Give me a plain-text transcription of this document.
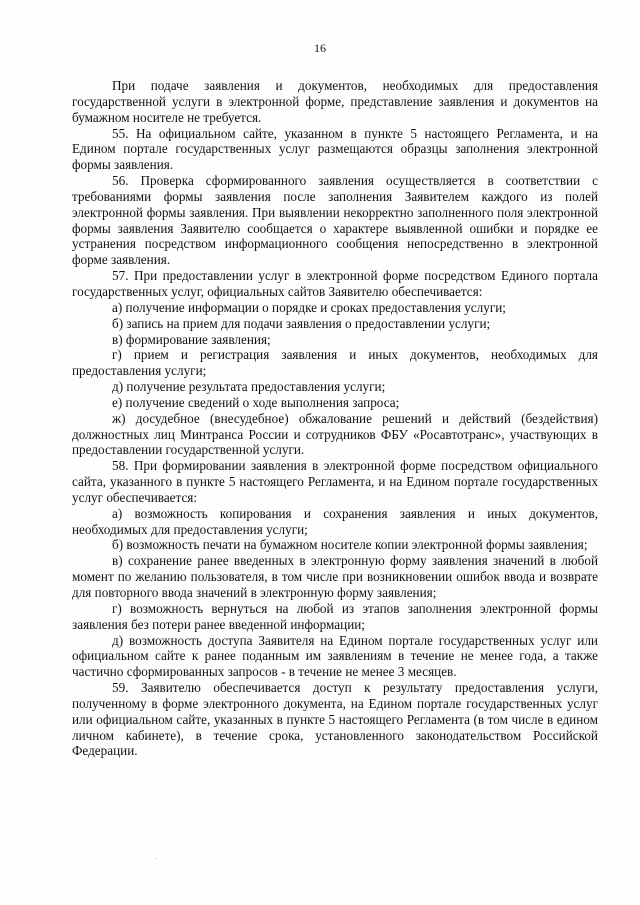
16

При подаче заявления и документов, необходимых для предоставления государственной услуги в электронной форме, представление заявления и документов на бумажном носителе не требуется.

55. На официальном сайте, указанном в пункте 5 настоящего Регламента, и на Едином портале государственных услуг размещаются образцы заполнения электронной формы заявления.

56. Проверка сформированного заявления осуществляется в соответствии с требованиями формы заявления после заполнения Заявителем каждого из полей электронной формы заявления. При выявлении некорректно заполненного поля электронной формы заявления Заявителю сообщается о характере выявленной ошибки и порядке ее устранения посредством информационного сообщения непосредственно в электронной форме заявления.

57. При предоставлении услуг в электронной форме посредством Единого портала государственных услуг, официальных сайтов Заявителю обеспечивается:

а) получение информации о порядке и сроках предоставления услуги;

б) запись на прием для подачи заявления о предоставлении услуги;

в) формирование заявления;

г) прием и регистрация заявления и иных документов, необходимых для предоставления услуги;

д) получение результата предоставления услуги;

е) получение сведений о ходе выполнения запроса;

ж) досудебное (внесудебное) обжалование решений и действий (бездействия) должностных лиц Минтранса России и сотрудников ФБУ «Росавтотранс», участвующих в предоставлении государственной услуги.

58. При формировании заявления в электронной форме посредством официального сайта, указанного в пункте 5 настоящего Регламента, и на Едином портале государственных услуг обеспечивается:

а) возможность копирования и сохранения заявления и иных документов, необходимых для предоставления услуги;

б) возможность печати на бумажном носителе копии электронной формы заявления;

в) сохранение ранее введенных в электронную форму заявления значений в любой момент по желанию пользователя, в том числе при возникновении ошибок ввода и возврате для повторного ввода значений в электронную форму заявления;

г) возможность вернуться на любой из этапов заполнения электронной формы заявления без потери ранее введенной информации;

д) возможность доступа Заявителя на Едином портале государственных услуг или официальном сайте к ранее поданным им заявлениям в течение не менее года, а также частично сформированных запросов - в течение не менее 3 месяцев.

59. Заявителю обеспечивается доступ к результату предоставления услуги, полученному в форме электронного документа, на Едином портале государственных услуг или официальном сайте, указанных в пункте 5 настоящего Регламента (в том числе в едином личном кабинете), в течение срока, установленного законодательством Российской Федерации.
